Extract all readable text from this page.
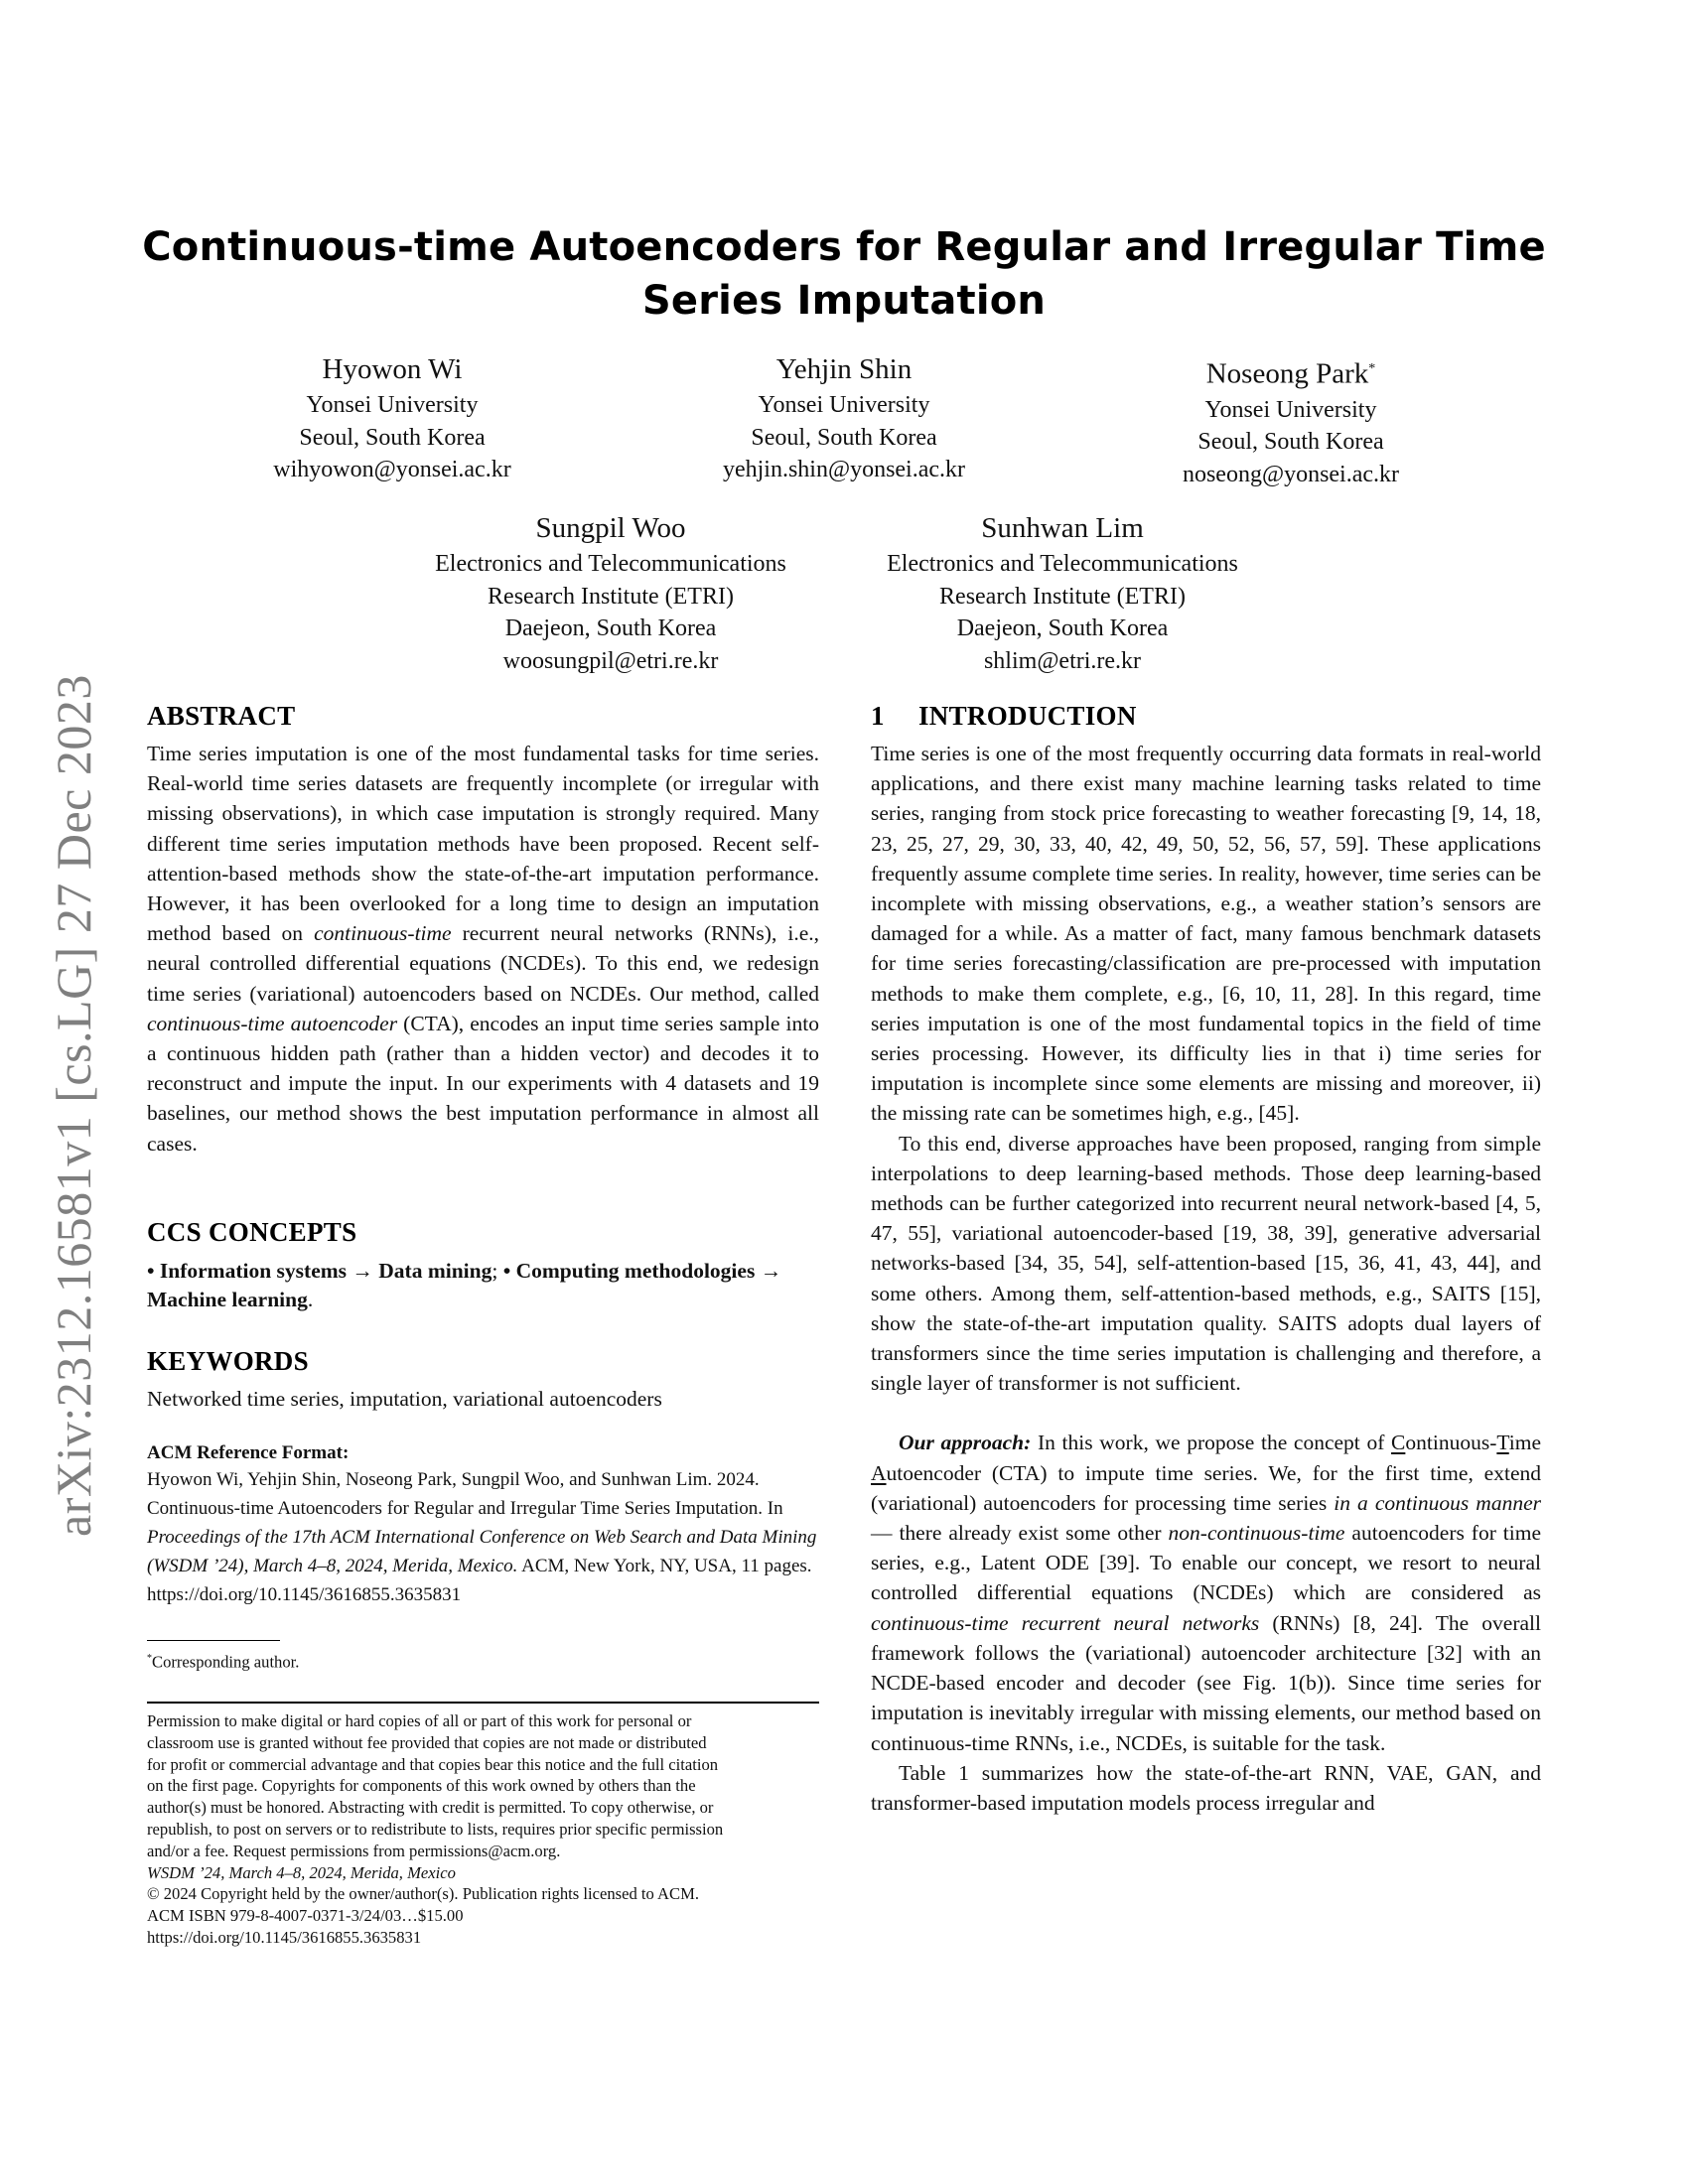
arXiv:2312.16581v1 [cs.LG] 27 Dec 2023
Continuous-time Autoencoders for Regular and Irregular Time
Series Imputation
Hyowon Wi
Yonsei University
Seoul, South Korea
wihyowon@yonsei.ac.kr
Yehjin Shin
Yonsei University
Seoul, South Korea
yehjin.shin@yonsei.ac.kr
Noseong Park*
Yonsei University
Seoul, South Korea
noseong@yonsei.ac.kr
Sungpil Woo
Electronics and Telecommunications
Research Institute (ETRI)
Daejeon, South Korea
woosungpil@etri.re.kr
Sunhwan Lim
Electronics and Telecommunications
Research Institute (ETRI)
Daejeon, South Korea
shlim@etri.re.kr
ABSTRACT

Time series imputation is one of the most fundamental tasks for time series. Real-world time series datasets are frequently incomplete (or irregular with missing observations), in which case imputation is strongly required. Many different time series imputation methods have been proposed. Recent self-attention-based methods show the state-of-the-art imputation performance. However, it has been overlooked for a long time to design an imputation method based on continuous-time recurrent neural networks (RNNs), i.e., neural controlled differential equations (NCDEs). To this end, we redesign time series (variational) autoencoders based on NCDEs. Our method, called continuous-time autoencoder (CTA), encodes an input time series sample into a continuous hidden path (rather than a hidden vector) and decodes it to reconstruct and impute the input. In our experiments with 4 datasets and 19 baselines, our method shows the best imputation performance in almost all cases.

CCS CONCEPTS

• Information systems → Data mining; • Computing methodologies → Machine learning.

KEYWORDS

Networked time series, imputation, variational autoencoders

ACM Reference Format:

Hyowon Wi, Yehjin Shin, Noseong Park, Sungpil Woo, and Sunhwan Lim. 2024. Continuous-time Autoencoders for Regular and Irregular Time Series Imputation. In Proceedings of the 17th ACM International Conference on Web Search and Data Mining (WSDM ’24), March 4–8, 2024, Merida, Mexico. ACM, New York, NY, USA, 11 pages. https://doi.org/10.1145/3616855.3635831

*Corresponding author.

Permission to make digital or hard copies of all or part of this work for personal or

classroom use is granted without fee provided that copies are not made or distributed

for profit or commercial advantage and that copies bear this notice and the full citation

on the first page. Copyrights for components of this work owned by others than the

author(s) must be honored. Abstracting with credit is permitted. To copy otherwise, or

republish, to post on servers or to redistribute to lists, requires prior specific permission

and/or a fee. Request permissions from permissions@acm.org.

WSDM ’24, March 4–8, 2024, Merida, Mexico

© 2024 Copyright held by the owner/author(s). Publication rights licensed to ACM.

ACM ISBN 979-8-4007-0371-3/24/03…$15.00

https://doi.org/10.1145/3616855.3635831

1 INTRODUCTION

Time series is one of the most frequently occurring data formats in real-world applications, and there exist many machine learning tasks related to time series, ranging from stock price forecasting to weather forecasting [9, 14, 18, 23, 25, 27, 29, 30, 33, 40, 42, 49, 50, 52, 56, 57, 59]. These applications frequently assume complete time series. In reality, however, time series can be incomplete with missing observations, e.g., a weather station’s sensors are damaged for a while. As a matter of fact, many famous benchmark datasets for time series forecasting/classification are pre-processed with imputation methods to make them complete, e.g., [6, 10, 11, 28]. In this regard, time series imputation is one of the most fundamental topics in the field of time series processing. However, its difficulty lies in that i) time series for imputation is incomplete since some elements are missing and moreover, ii) the missing rate can be sometimes high, e.g., [45].

To this end, diverse approaches have been proposed, ranging from simple interpolations to deep learning-based methods. Those deep learning-based methods can be further categorized into recurrent neural network-based [4, 5, 47, 55], variational autoencoder-based [19, 38, 39], generative adversarial networks-based [34, 35, 54], self-attention-based [15, 36, 41, 43, 44], and some others. Among them, self-attention-based methods, e.g., SAITS [15], show the state-of-the-art imputation quality. SAITS adopts dual layers of transformers since the time series imputation is challenging and therefore, a single layer of transformer is not sufficient.

Our approach: In this work, we propose the concept of Continuous-Time Autoencoder (CTA) to impute time series. We, for the first time, extend (variational) autoencoders for processing time series in a continuous manner — there already exist some other non-continuous-time autoencoders for time series, e.g., Latent ODE [39]. To enable our concept, we resort to neural controlled differential equations (NCDEs) which are considered as continuous-time recurrent neural networks (RNNs) [8, 24]. The overall framework follows the (variational) autoencoder architecture [32] with an NCDE-based encoder and decoder (see Fig. 1(b)). Since time series for imputation is inevitably irregular with missing elements, our method based on continuous-time RNNs, i.e., NCDEs, is suitable for the task.

Table 1 summarizes how the state-of-the-art RNN, VAE, GAN, and transformer-based imputation models process irregular and
